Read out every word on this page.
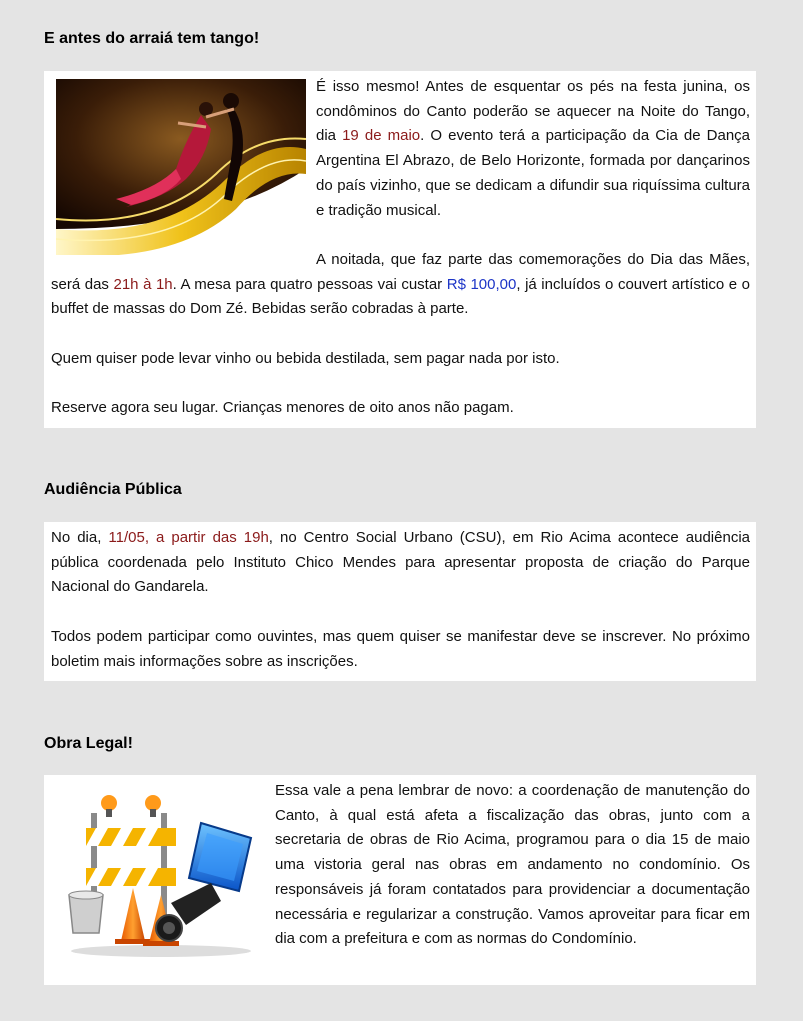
E antes do arraiá tem tango!

É isso mesmo! Antes de esquentar os pés na festa junina, os condôminos do Canto poderão se aquecer na Noite do Tango, dia 19 de maio. O evento terá a participação da Cia de Dança Argentina El Abrazo, de Belo Horizonte, formada por dançarinos do país vizinho, que se dedicam a difundir sua riquíssima cultura e tradição musical.

A noitada, que faz parte das comemorações do Dia das Mães, será das 21h à 1h. A mesa para quatro pessoas vai custar R$ 100,00, já incluídos o couvert artístico e o buffet de massas do Dom Zé. Bebidas serão cobradas à parte.

Quem quiser pode levar vinho ou bebida destilada, sem pagar nada por isto.

Reserve agora seu lugar. Crianças menores de oito anos não pagam.

Audiência Pública

No dia, 11/05, a partir das 19h, no Centro Social Urbano (CSU), em Rio Acima acontece audiência pública coordenada pelo Instituto Chico Mendes para apresentar proposta de criação do Parque Nacional do Gandarela.

Todos podem participar como ouvintes, mas quem quiser se manifestar deve se inscrever. No próximo boletim mais informações sobre as inscrições.

Obra Legal!

Essa vale a pena lembrar de novo: a coordenação de manutenção do Canto, à qual está afeta a fiscalização das obras, junto com a secretaria de obras de Rio Acima, programou para o dia 15 de maio uma vistoria geral nas obras em andamento no condomínio. Os responsáveis já foram contatados para providenciar a documentação necessária e regularizar a construção. Vamos aproveitar para ficar em dia com a prefeitura e com as normas do Condomínio.
